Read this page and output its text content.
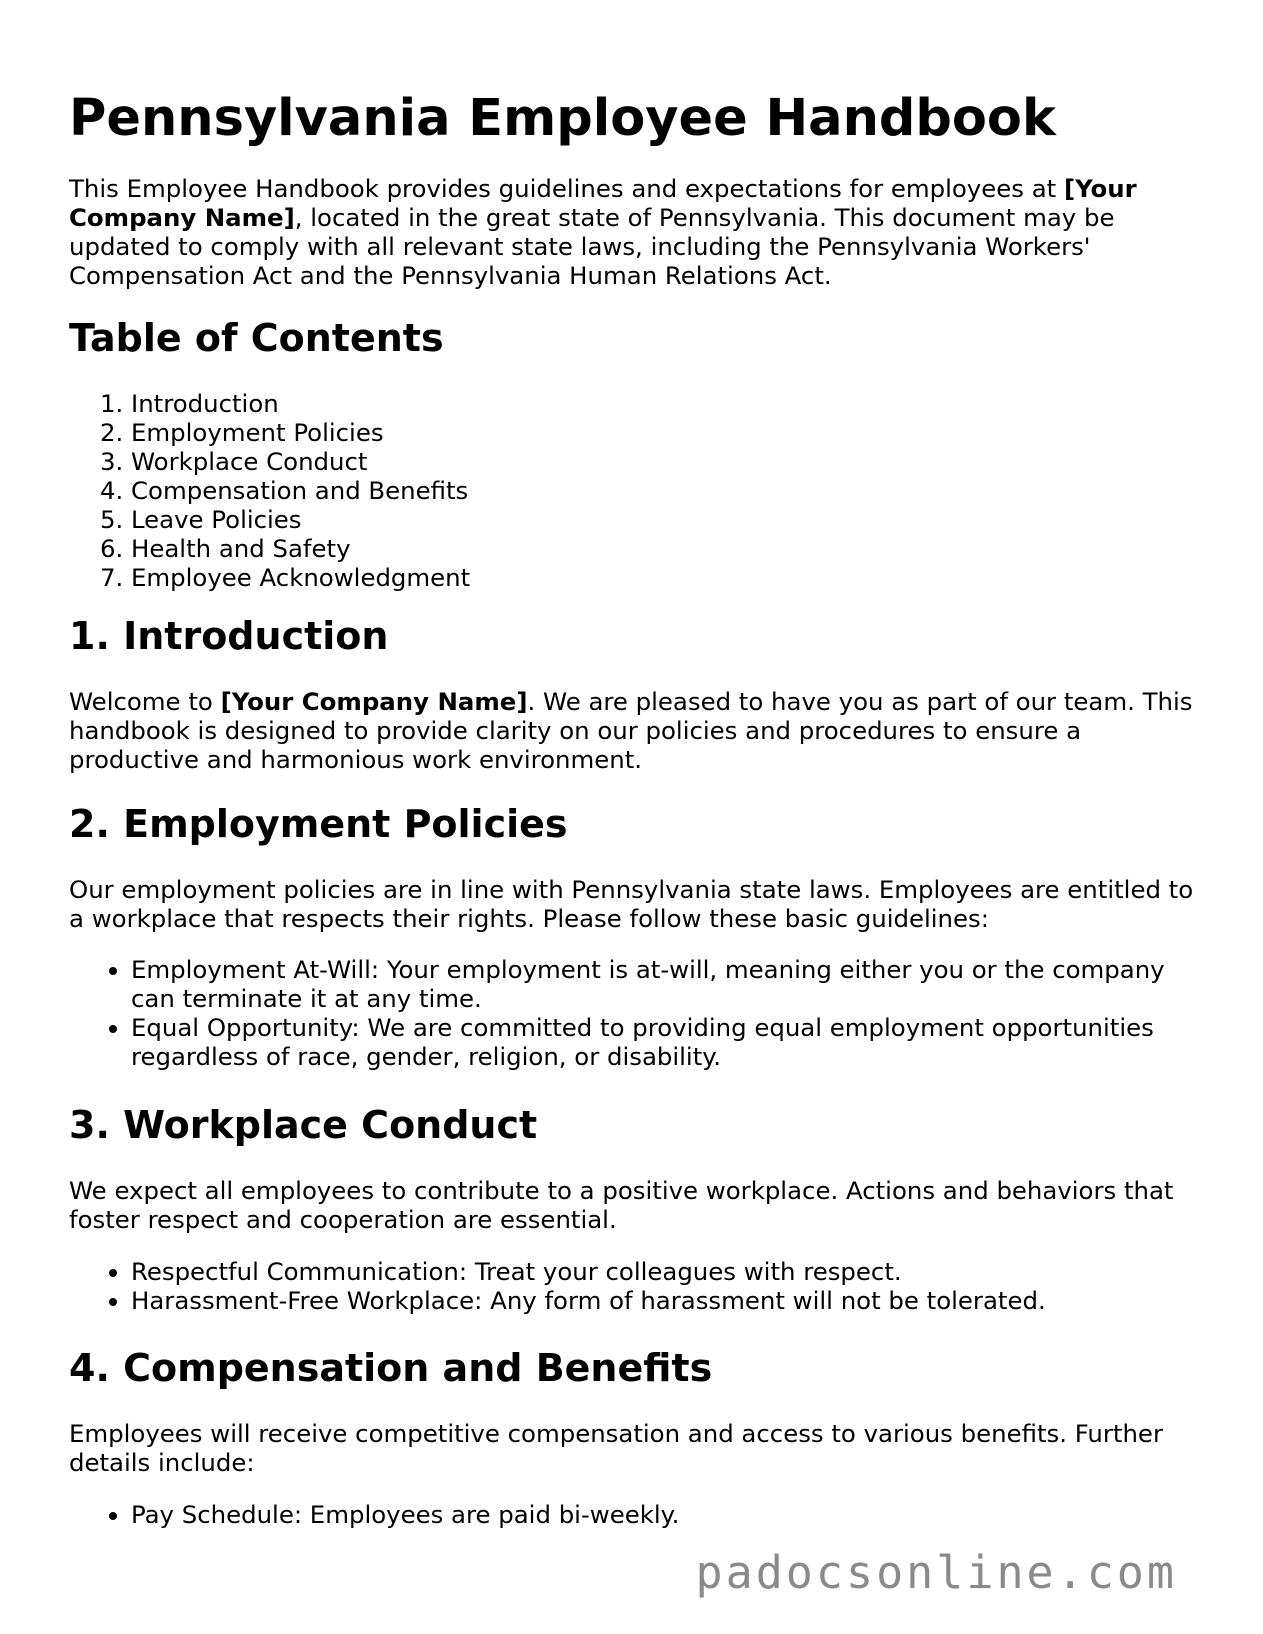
Pennsylvania Employee Handbook

This Employee Handbook provides guidelines and expectations for employees at [Your Company Name], located in the great state of Pennsylvania. This document may be updated to comply with all relevant state laws, including the Pennsylvania Workers' Compensation Act and the Pennsylvania Human Relations Act.

Table of Contents
1. Introduction
2. Employment Policies
3. Workplace Conduct
4. Compensation and Benefits
5. Leave Policies
6. Health and Safety
7. Employee Acknowledgment
1. Introduction

Welcome to [Your Company Name]. We are pleased to have you as part of our team. This handbook is designed to provide clarity on our policies and procedures to ensure a productive and harmonious work environment.

2. Employment Policies

Our employment policies are in line with Pennsylvania state laws. Employees are entitled to a workplace that respects their rights. Please follow these basic guidelines:

• Employment At-Will: Your employment is at-will, meaning either you or the company can terminate it at any time.
• Equal Opportunity: We are committed to providing equal employment opportunities regardless of race, gender, religion, or disability.
3. Workplace Conduct

We expect all employees to contribute to a positive workplace. Actions and behaviors that foster respect and cooperation are essential.

• Respectful Communication: Treat your colleagues with respect.
• Harassment-Free Workplace: Any form of harassment will not be tolerated.
4. Compensation and Benefits

Employees will receive competitive compensation and access to various benefits. Further details include:

• Pay Schedule: Employees are paid bi-weekly.
padocsonline.com
